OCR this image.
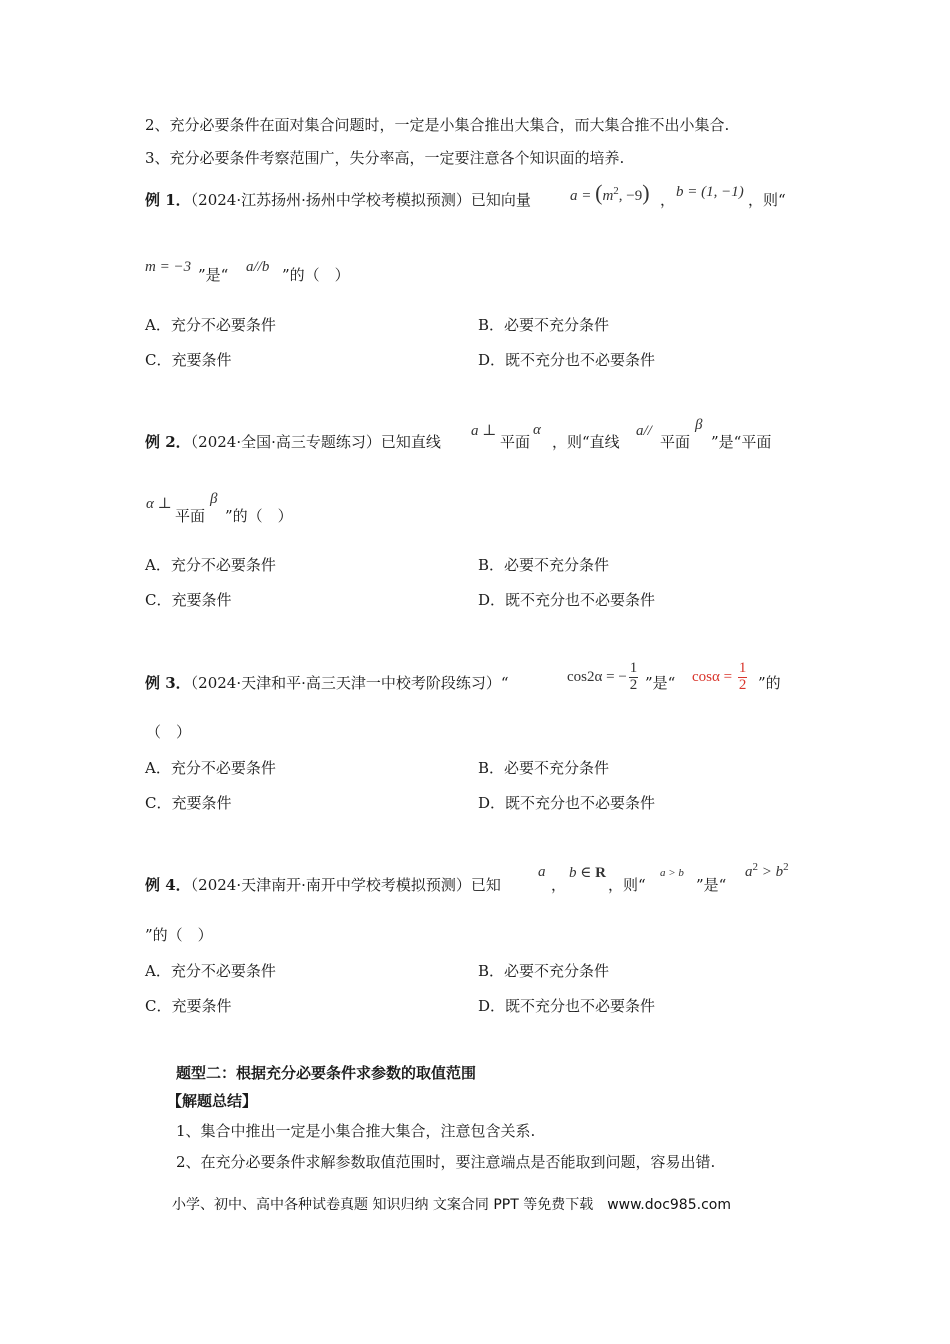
2、充分必要条件在面对集合问题时，一定是小集合推出大集合，而大集合推不出小集合.
3、充分必要条件考察范围广，失分率高，一定要注意各个知识面的培养.
例 1．（2024·江苏扬州·扬州中学校考模拟预测）已知向量	$a = (m^2$, −9) ， b = (1, −1) ，则“
m = −3 ”是“ a//b ”的（　）
A．充分不必要条件	B．必要不充分条件
C．充要条件	D．既不充分也不必要条件
例 2．（2024·全国·高三专题练习）已知直线
a ⊥
平面
α
，则“直线
a//
平面
β
”是“平面
α ⊥
平面
β
”的（　）
A．充分不必要条件	B．必要不充分条件
C．充要条件	D．既不充分也不必要条件
例 3．（2024·天津和平·高三天津一中校考阶段练习）“	cos2α = − $\frac{1}{2}$ ”是“ $\cos\alpha = \frac{1}{2}$ ”的
（　）
A．充分不必要条件	B．必要不充分条件
C．充要条件	D．既不充分也不必要条件
例 4．（2024·天津南开·南开中学校考模拟预测）已知
a
，
b ∈ R
，则“
a > b
”是“
$a^2 > b^2$
”的（　）
A．充分不必要条件	B．必要不充分条件
C．充要条件	D．既不充分也不必要条件
题型二：根据充分必要条件求参数的取值范围
【解题总结】
1、集合中推出一定是小集合推大集合，注意包含关系.
2、在充分必要条件求解参数取值范围时，要注意端点是否能取到问题，容易出错.
小学、初中、高中各种试卷真题 知识归纳 文案合同 PPT 等免费下载　www.doc985.com
